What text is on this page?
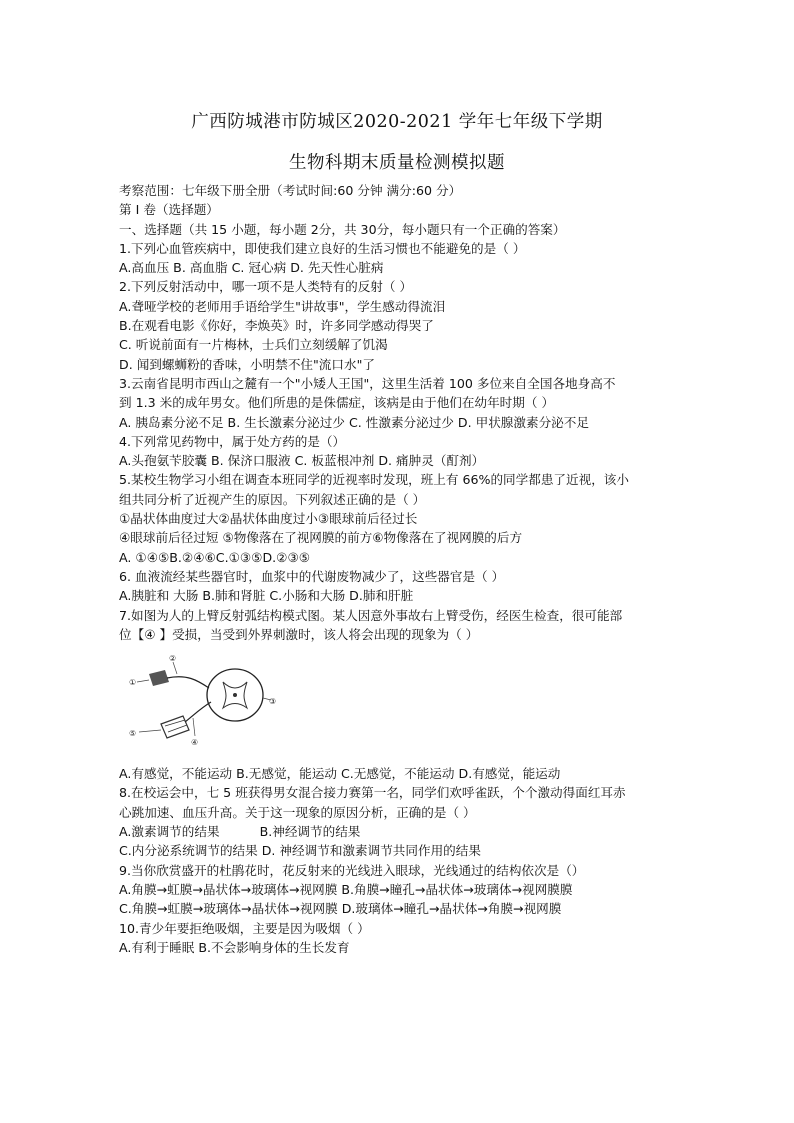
广西防城港市防城区2020-2021 学年七年级下学期
生物科期末质量检测模拟题
考察范围：七年级下册全册（考试时间:60 分钟 满分:60 分）
第 I 卷（选择题）
一、选择题（共 15 小题，每小题 2分，共 30分，每小题只有一个正确的答案）
1.下列心血管疾病中，即使我们建立良好的生活习惯也不能避免的是（ ）
A.高血压 B. 高血脂 C. 冠心病 D. 先天性心脏病
2.下列反射活动中，哪一项不是人类特有的反射（ ）
A.聋哑学校的老师用手语给学生"讲故事"，学生感动得流泪
B.在观看电影《你好，李焕英》时，许多同学感动得哭了
C. 听说前面有一片梅林，士兵们立刻缓解了饥渴
D. 闻到螺蛳粉的香味，小明禁不住"流口水"了
3.云南省昆明市西山之麓有一个"小矮人王国"，这里生活着 100 多位来自全国各地身高不
到 1.3 米的成年男女。他们所患的是侏儒症，该病是由于他们在幼年时期（ ）
A. 胰岛素分泌不足 B. 生长激素分泌过少 C. 性激素分泌过少 D. 甲状腺激素分泌不足
4.下列常见药物中，属于处方药的是（）
A.头孢氨苄胶囊 B. 保济口服液 C. 板蓝根冲剂 D. 痛肿灵（酊剂）
5.某校生物学习小组在调查本班同学的近视率时发现，班上有 66%的同学都患了近视，该小
组共同分析了近视产生的原因。下列叙述正确的是（ ）
①晶状体曲度过大②晶状体曲度过小③眼球前后径过长
④眼球前后径过短 ⑤物像落在了视网膜的前方⑥物像落在了视网膜的后方
A. ①④⑤B.②④⑥C.①③⑤D.②③⑤
6. 血液流经某些器官时，血浆中的代谢废物减少了，这些器官是（ ）
A.胰脏和 大肠 B.肺和肾脏 C.小肠和大肠 D.肺和肝脏
7.如图为人的上臂反射弧结构模式图。某人因意外事故右上臂受伤，经医生检查，很可能部
位【④ 】受损，当受到外界刺激时，该人将会出现的现象为（ ）
①
②
③
④
⑤
A.有感觉，不能运动 B.无感觉，能运动 C.无感觉，不能运动 D.有感觉，能运动
8.在校运会中，七 5 班获得男女混合接力赛第一名，同学们欢呼雀跃，个个激动得面红耳赤
心跳加速、血压升高。关于这一现象的原因分析，正确的是（ ）
A.激素调节的结果          B.神经调节的结果
C.内分泌系统调节的结果 D. 神经调节和激素调节共同作用的结果
9.当你欣赏盛开的杜鹃花时，花反射来的光线进入眼球，光线通过的结构依次是（）
A.角膜→虹膜→晶状体→玻璃体→视网膜 B.角膜→瞳孔→晶状体→玻璃体→视网膜膜
C.角膜→虹膜→玻璃体→晶状体→视网膜 D.玻璃体→瞳孔→晶状体→角膜→视网膜
10.青少年要拒绝吸烟，主要是因为吸烟（ ）
A.有利于睡眠 B.不会影响身体的生长发育
